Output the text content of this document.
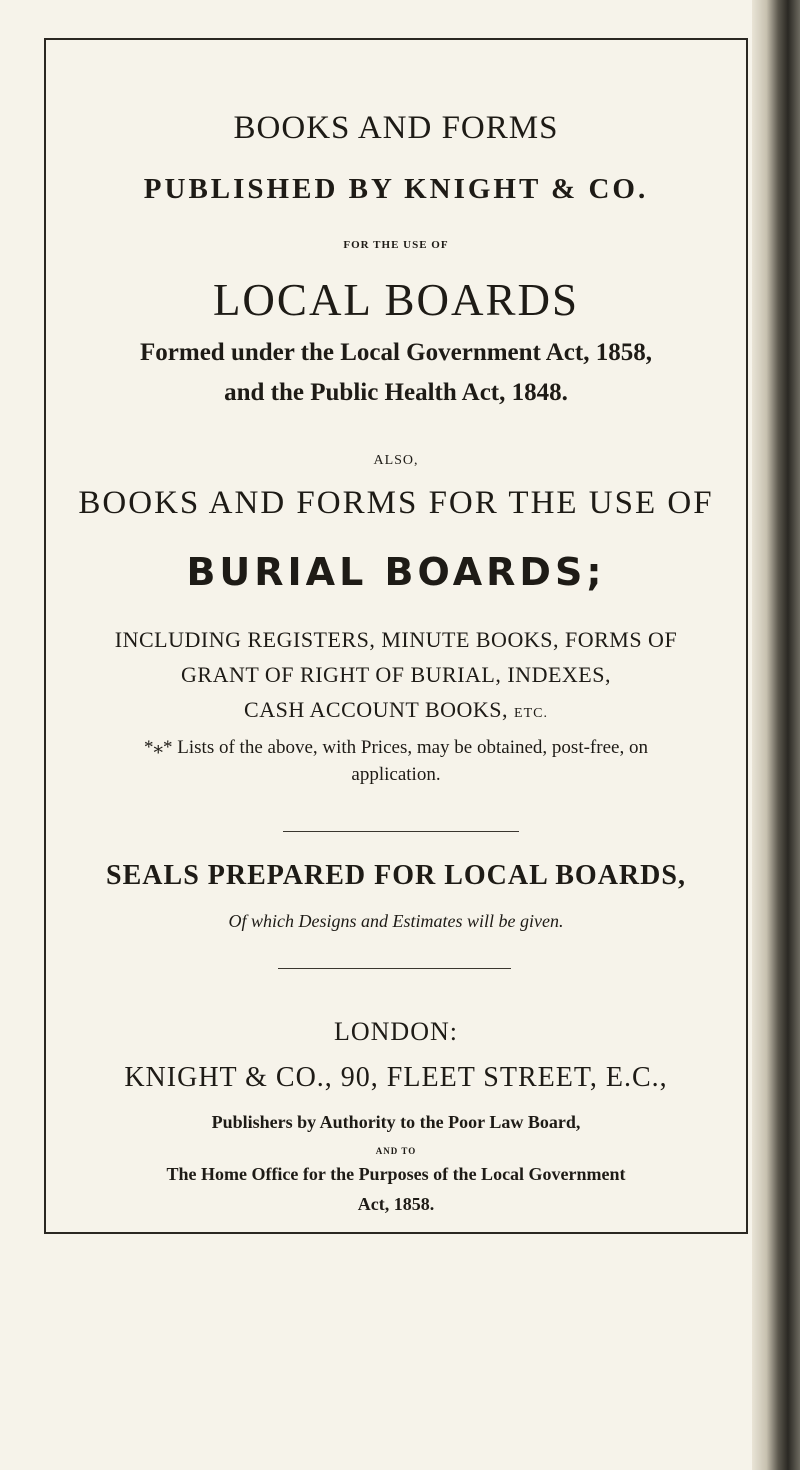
BOOKS AND FORMS
PUBLISHED BY KNIGHT & CO.
FOR THE USE OF
LOCAL BOARDS
Formed under the Local Government Act, 1858,
and the Public Health Act, 1848.
ALSO,
BOOKS AND FORMS FOR THE USE OF
BURIAL BOARDS;
INCLUDING REGISTERS, MINUTE BOOKS, FORMS OF
GRANT OF RIGHT OF BURIAL, INDEXES,
CASH ACCOUNT BOOKS, ETC.
*⁎* Lists of the above, with Prices, may be obtained, post-free, on
application.
SEALS PREPARED FOR LOCAL BOARDS,
Of which Designs and Estimates will be given.
LONDON:
KNIGHT & CO., 90, FLEET STREET, E.C.,
Publishers by Authority to the Poor Law Board,
AND TO
The Home Office for the Purposes of the Local Government
Act, 1858.
